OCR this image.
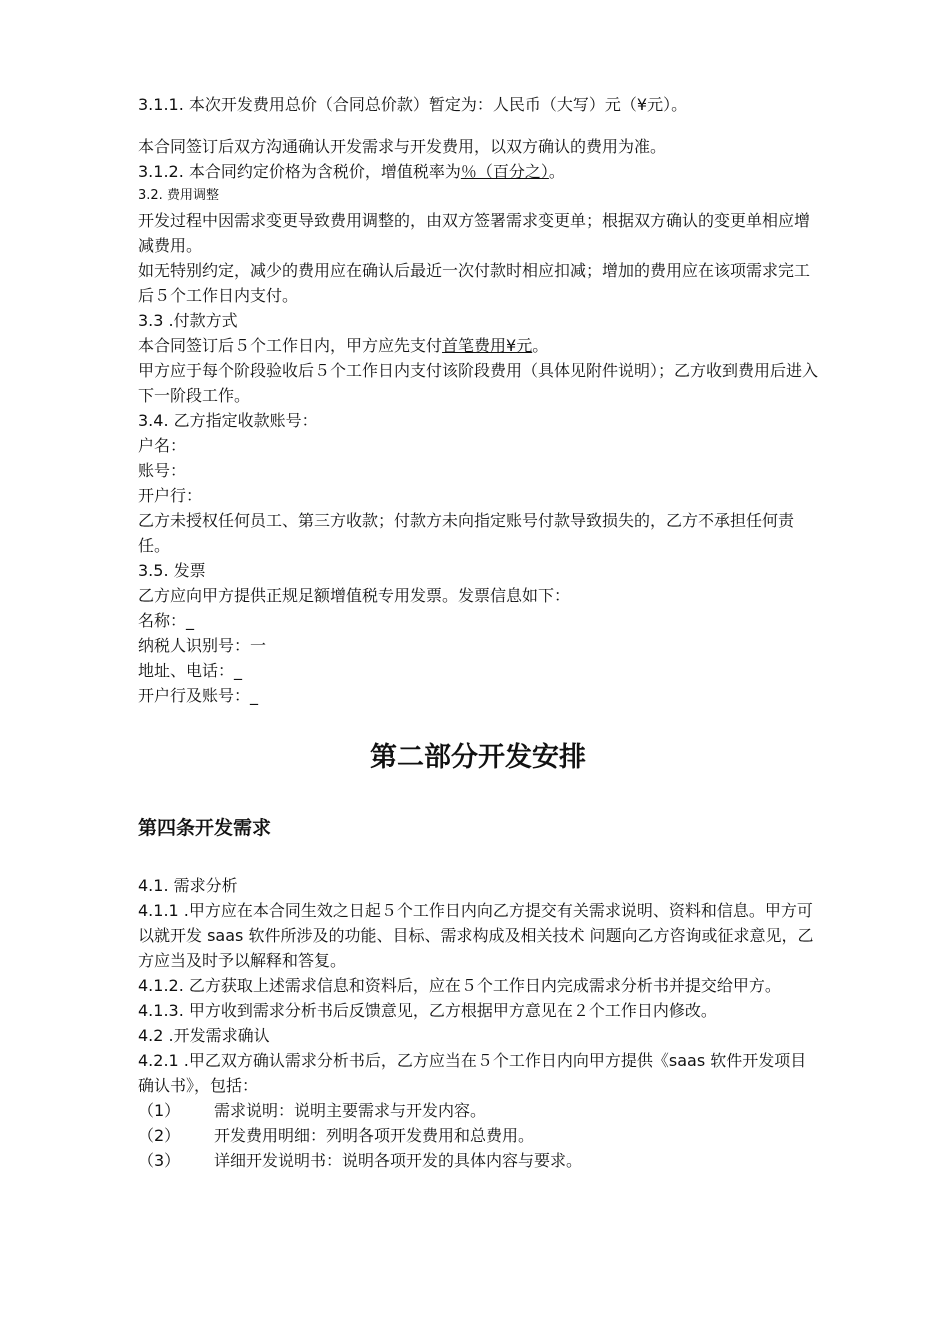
3.1.1. 本次开发费用总价（合同总价款）暂定为：人民币（大写）元（¥元）。
本合同签订后双方沟通确认开发需求与开发费用，以双方确认的费用为准。
3.1.2. 本合同约定价格为含税价，增值税率为％（百分之）。
3.2. 费用调整
开发过程中因需求变更导致费用调整的，由双方签署需求变更单；根据双方确认的变更单相应增减费用。
如无特别约定，减少的费用应在确认后最近一次付款时相应扣减；增加的费用应在该项需求完工后５个工作日内支付。
3.3 .付款方式
本合同签订后５个工作日内，甲方应先支付首笔费用¥元。
甲方应于每个阶段验收后５个工作日内支付该阶段费用（具体见附件说明）；乙方收到费用后进入下一阶段工作。
3.4. 乙方指定收款账号：
户名：
账号：
开户行：
乙方未授权任何员工、第三方收款；付款方未向指定账号付款导致损失的，乙方不承担任何责任。
3.5. 发票
乙方应向甲方提供正规足额增值税专用发票。发票信息如下：
名称：_
纳税人识别号：一
地址、电话：_
开户行及账号：_
第二部分开发安排
第四条开发需求
4.1. 需求分析
4.1.1 .甲方应在本合同生效之日起５个工作日内向乙方提交有关需求说明、资料和信息。甲方可以就开发 saas 软件所涉及的功能、目标、需求构成及相关技术 问题向乙方咨询或征求意见，乙方应当及时予以解释和答复。
4.1.2. 乙方获取上述需求信息和资料后，应在５个工作日内完成需求分析书并提交给甲方。
4.1.3. 甲方收到需求分析书后反馈意见，乙方根据甲方意见在２个工作日内修改。
4.2 .开发需求确认
4.2.1 .甲乙双方确认需求分析书后，乙方应当在５个工作日内向甲方提供《saas 软件开发项目确认书》，包括：
（1）	需求说明：说明主要需求与开发内容。
（2）	开发费用明细：列明各项开发费用和总费用。
（3）	详细开发说明书：说明各项开发的具体内容与要求。
